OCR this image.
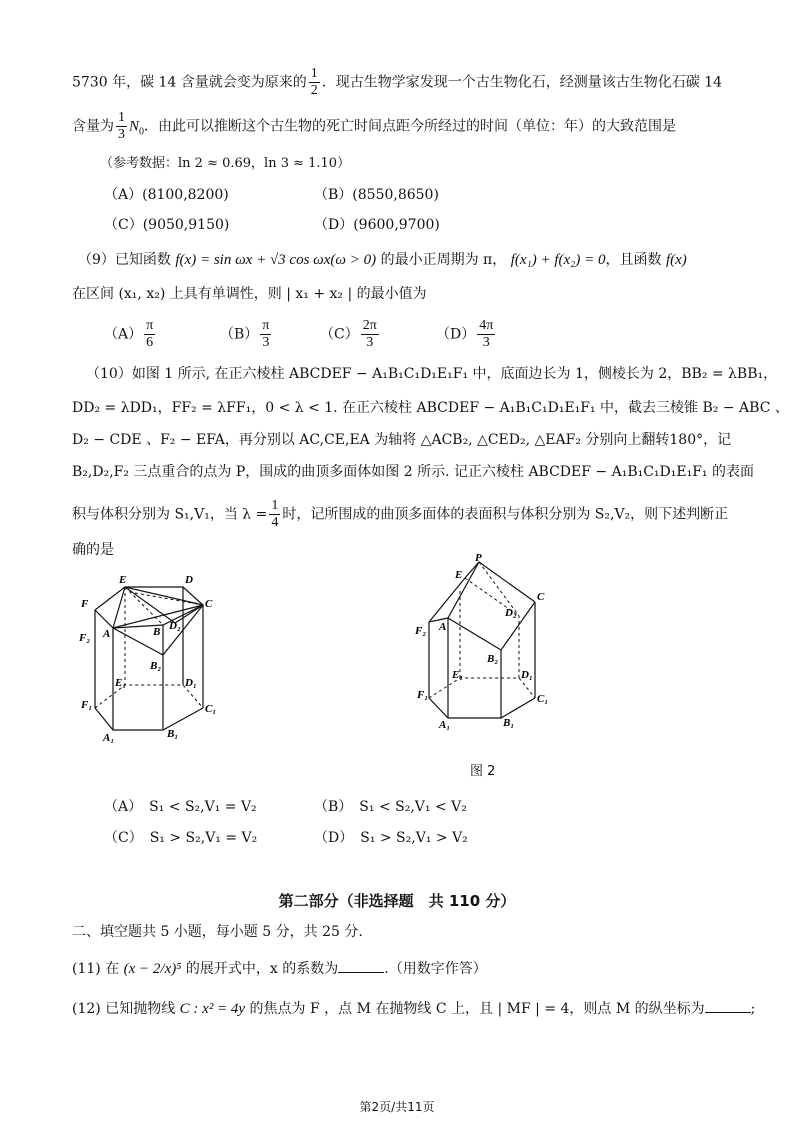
5730 年，碳 14 含量就会变为原来的 $\frac{1}{2}$ ．现古生物学家发现一个古生物化石，经测量该古生物化石碳 14
含量为 $\frac{1}{3} N_0$．由此可以推断这个古生物的死亡时间点距今所经过的时间（单位：年）的大致范围是
（参考数据：ln 2 ≈ 0.69，ln 3 ≈ 1.10）
（A）(8100,8200)	（B）(8550,8650)
（C）(9050,9150)	（D）(9600,9700)
（9）已知函数 f(x) = sin ωx + √3 cos ωx(ω > 0) 的最小正周期为 π， f(x₁) + f(x₂) = 0，且函数 f(x)
在区间 (x₁, x₂) 上具有单调性，则 | x₁ + x₂ | 的最小值为
$(A) \frac{\pi}{6}$	$(B) \frac{\pi}{3}$	$(C) \frac{2\pi}{3}$	$(D) \frac{4\pi}{3}$
（10）如图 1 所示, 在正六棱柱 ABCDEF − A₁B₁C₁D₁E₁F₁ 中，底面边长为 1，侧棱长为 2，BB₂ = λBB₁，
DD₂ = λDD₁，FF₂ = λFF₁，0 < λ < 1. 在正六棱柱 ABCDEF − A₁B₁C₁D₁E₁F₁ 中，截去三棱锥 B₂ − ABC 、
D₂ − CDE 、F₂ − EFA，再分别以 AC,CE,EA 为轴将 △ACB₂, △CED₂, △EAF₂ 分别向上翻转180°，记
B₂,D₂,F₂ 三点重合的点为 P，围成的曲顶多面体如图 2 所示. 记正六棱柱 ABCDEF − A₁B₁C₁D₁E₁F₁ 的表面
积与体积分别为 S₁,V₁，当 $\lambda = \frac{1}{4}$ 时，记所围成的曲顶多面体的表面积与体积分别为 S₂,V₂，则下述判断正
确的是
E	D
F	C
F₂ A	B D₂
B₂
E₁	D₁
F₁	C₁
A₁	B₁
P
E
C
D₂
F₂ A
B₂
E₁	D₁
F₁	C₁
A₁	B₁
图 2
（A）　S₁ < S₂,V₁ = V₂	（B）　S₁ < S₂,V₁ < V₂
（C）　S₁ > S₂,V₁ = V₂	（D）　S₁ > S₂,V₁ > V₂
第二部分（非选择题　共 110 分）
二、填空题共 5 小题，每小题 5 分，共 25 分.
(11) 在 (x − 2/x)⁵ 的展开式中，x 的系数为	.（用数字作答）
(12) 已知抛物线 C : x² = 4y 的焦点为 F ，点 M 在抛物线 C 上，且 | MF | = 4，则点 M 的纵坐标为	;
第2页/共11页
